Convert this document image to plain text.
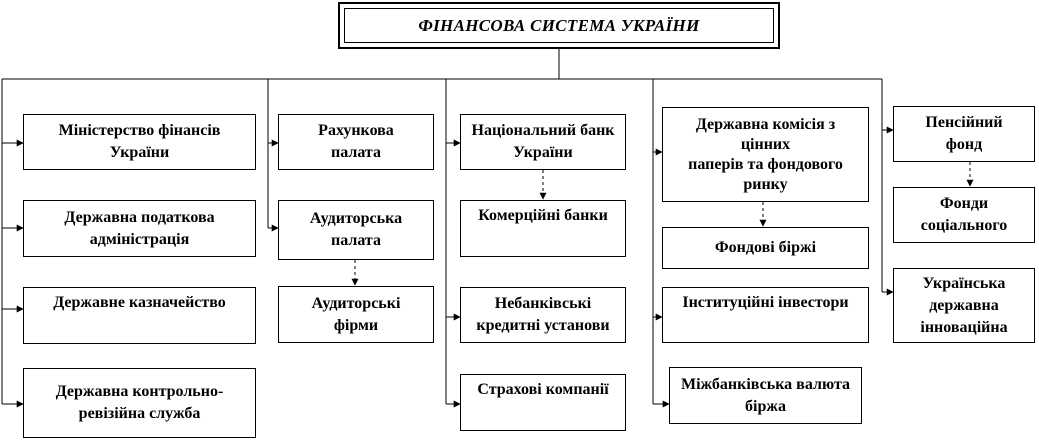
ФІНАНСОВА СИСТЕМА УКРАЇНИ
Міністерство фінансів
України
Державна податкова
адміністрація
Державне казначейство
Державна контрольно-
ревізійна служба
Рахункова
палата
Аудиторська
палата
Аудиторські
фірми
Національний банк
України
Комерційні банки
Небанківські
кредитні установи
Страхові компанії
Державна комісія з
цінних
паперів та фондового
ринку
Фондові біржі
Інституційні інвестори
Міжбанківська валюта
біржа
Пенсійний
фонд
Фонди
соціального
Українська
державна
інноваційна
